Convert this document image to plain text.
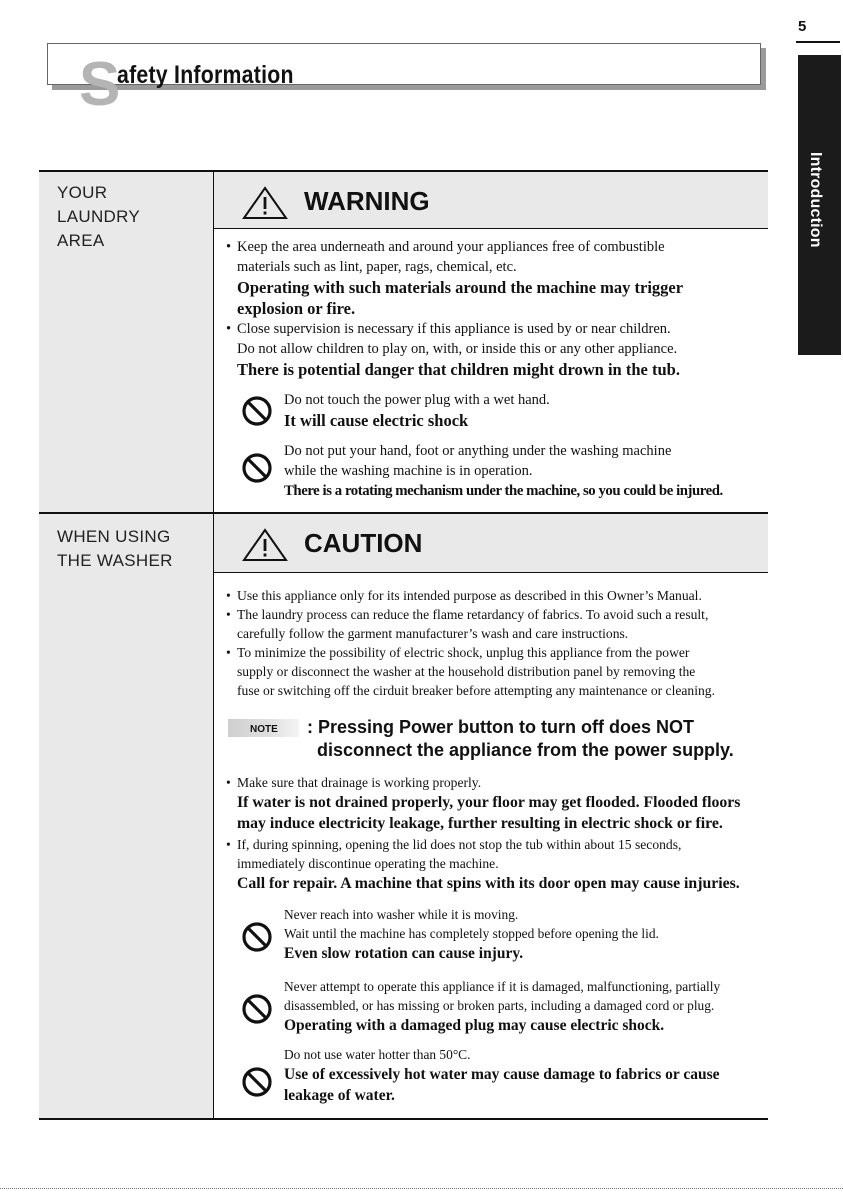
5
Introduction
S
afety Information
YOUR
LAUNDRY
AREA
WARNING
• Keep the area underneath and around your appliances free of combustible
materials such as lint, paper, rags, chemical, etc.
Operating with such materials around the machine may trigger
explosion or fire.
• Close supervision is necessary if this appliance is used by or near children.
Do not allow children to play on, with, or inside this or any other appliance.
There is potential danger that children might drown in the tub.
Do not touch the power plug with a wet hand.
It will cause electric shock
Do not put your hand, foot or anything under the washing machine
while the washing machine is in operation.
There is a rotating mechanism under the machine, so you could be injured.
WHEN USING
THE WASHER
CAUTION
• Use this appliance only for its intended purpose as described in this Owner’s Manual.
• The laundry process can reduce the flame retardancy of fabrics. To avoid such a result,
carefully follow the garment manufacturer’s wash and care instructions.
• To minimize the possibility of electric shock, unplug this appliance from the power
supply or disconnect the washer at the household distribution panel by removing the
fuse or switching off the cirduit breaker before attempting any maintenance or cleaning.
NOTE : Pressing Power button to turn off does NOT
disconnect the appliance from the power supply.
• Make sure that drainage is working properly.
If water is not drained properly, your floor may get flooded. Flooded floors
may induce electricity leakage, further resulting in electric shock or fire.
• If, during spinning, opening the lid does not stop the tub within about 15 seconds,
immediately discontinue operating the machine.
Call for repair. A machine that spins with its door open may cause injuries.
Never reach into washer while it is moving.
Wait until the machine has completely stopped before opening the lid.
Even slow rotation can cause injury.
Never attempt to operate this appliance if it is damaged, malfunctioning, partially
disassembled, or has missing or broken parts, including a damaged cord or plug.
Operating with a damaged plug may cause electric shock.
Do not use water hotter than 50°C.
Use of excessively hot water may cause damage to fabrics or cause
leakage of water.
